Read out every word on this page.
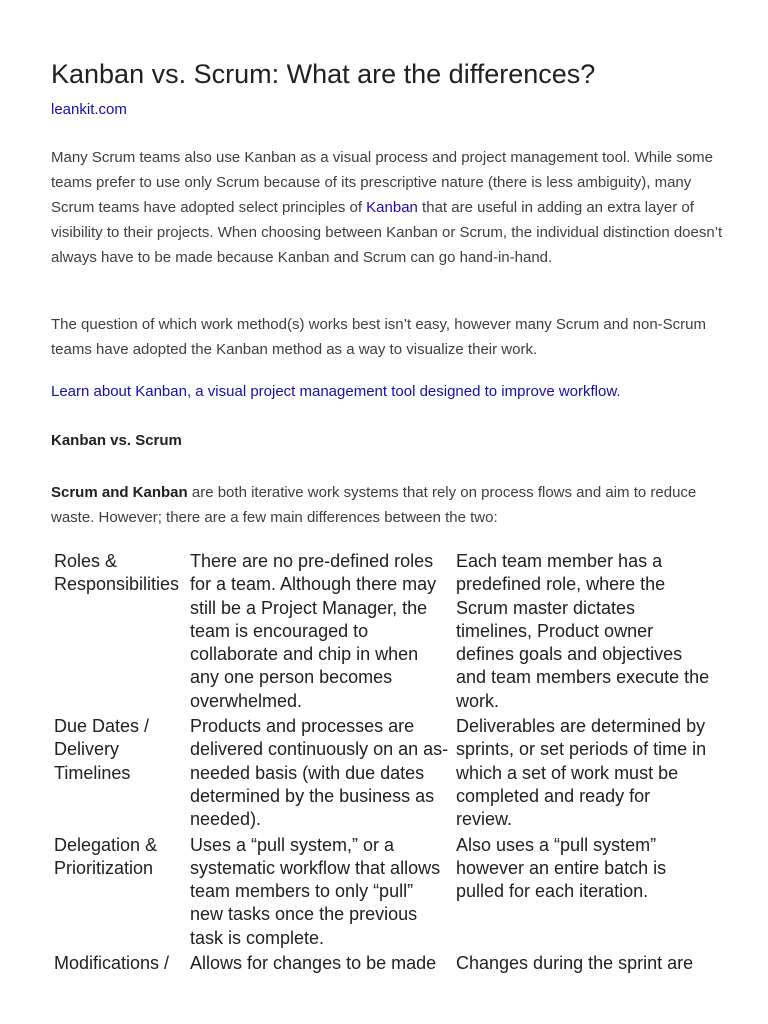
Kanban vs. Scrum: What are the differences?
leankit.com

Many Scrum teams also use Kanban as a visual process and project management tool. While some teams prefer to use only Scrum because of its prescriptive nature (there is less ambiguity), many Scrum teams have adopted select principles of Kanban that are useful in adding an extra layer of visibility to their projects. When choosing between Kanban or Scrum, the individual distinction doesn’t always have to be made because Kanban and Scrum can go hand-in-hand.

The question of which work method(s) works best isn’t easy, however many Scrum and non-Scrum teams have adopted the Kanban method as a way to visualize their work.

Learn about Kanban, a visual project management tool designed to improve workflow.
Kanban vs. Scrum

Scrum and Kanban are both iterative work systems that rely on process flows and aim to reduce waste. However; there are a few main differences between the two:

Roles & Responsibilities	There are no pre-defined roles for a team. Although there may still be a Project Manager, the team is encouraged to collaborate and chip in when any one person becomes overwhelmed.	Each team member has a predefined role, where the Scrum master dictates timelines, Product owner defines goals and objectives and team members execute the work.
Due Dates / Delivery Timelines	Products and processes are delivered continuously on an as-needed basis (with due dates determined by the business as needed).	Deliverables are determined by sprints, or set periods of time in which a set of work must be completed and ready for review.
Delegation & Prioritization	Uses a “pull system,” or a systematic workflow that allows team members to only “pull” new tasks once the previous task is complete.	Also uses a “pull system” however an entire batch is pulled for each iteration.
Modifications /	Allows for changes to be made	Changes during the sprint are
